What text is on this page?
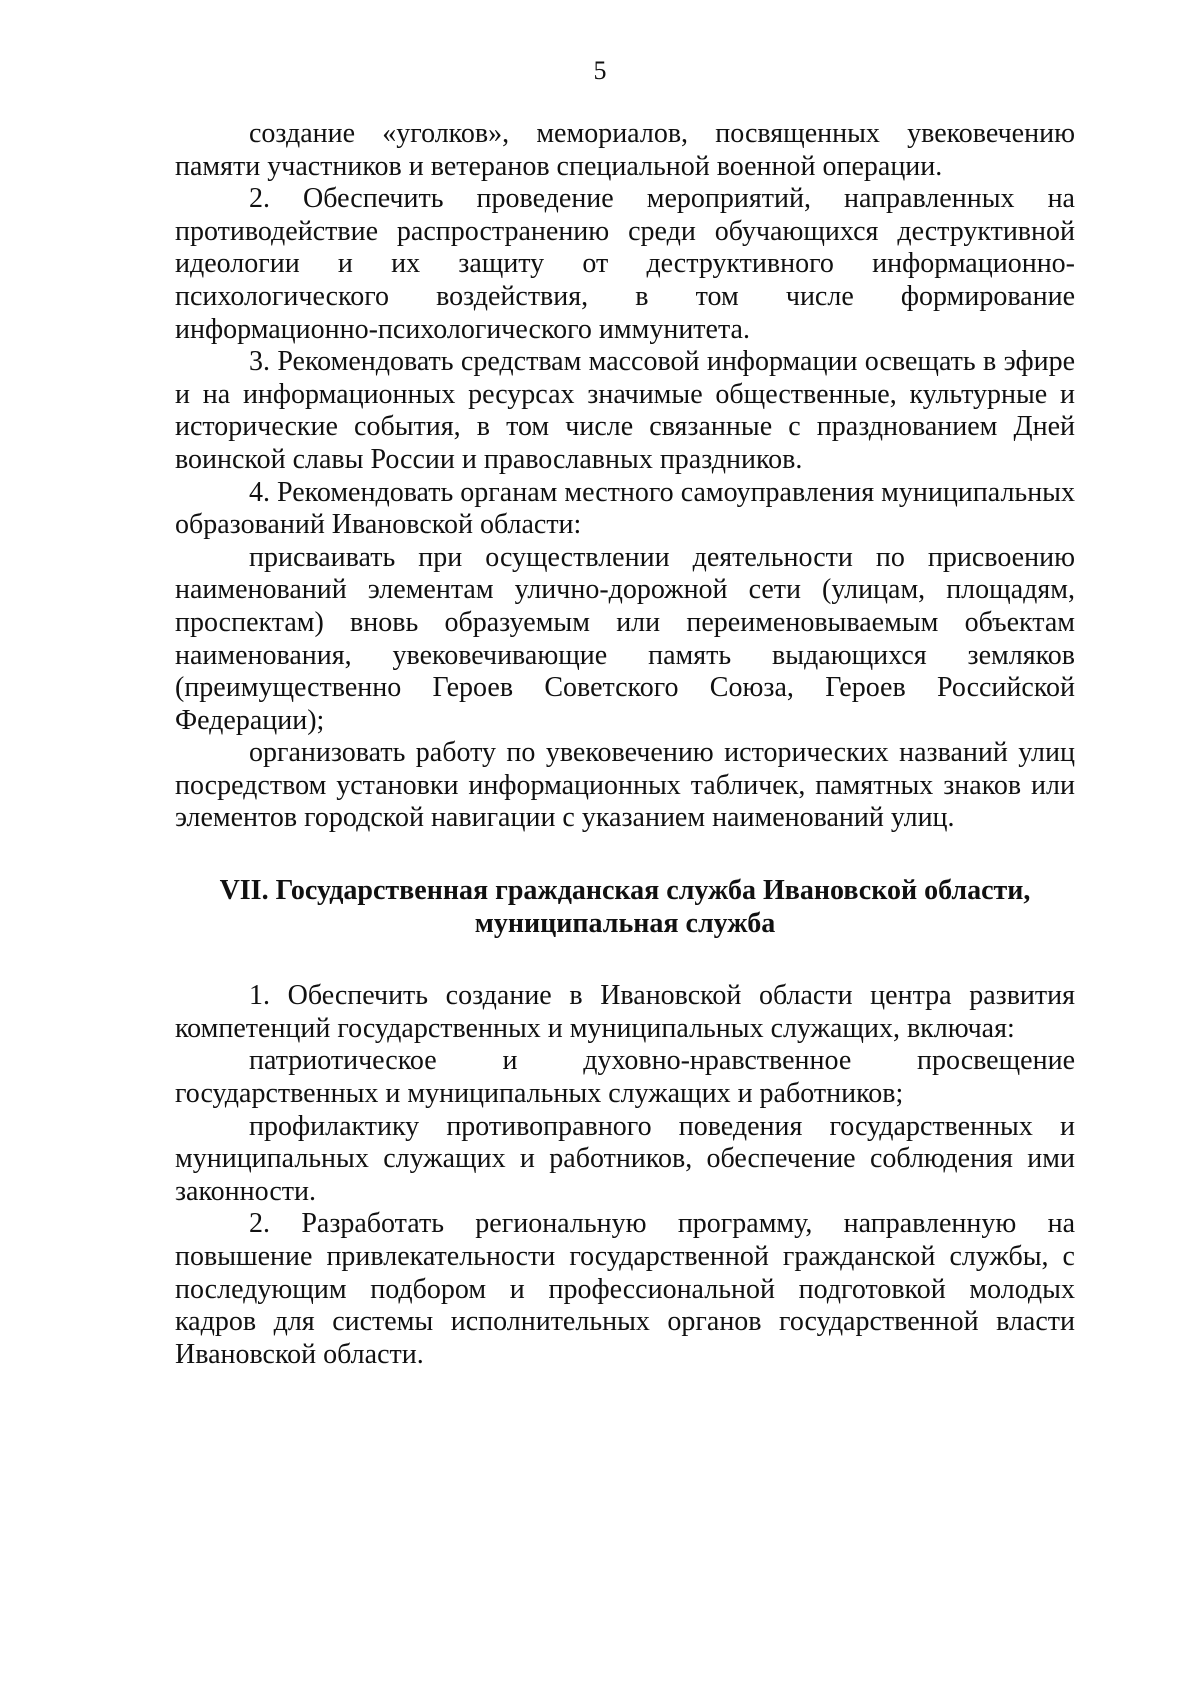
5

создание «уголков», мемориалов, посвященных увековечению памяти участников и ветеранов специальной военной операции.

2. Обеспечить проведение мероприятий, направленных на противодействие распространению среди обучающихся деструктивной идеологии и их защиту от деструктивного информационно-психологического воздействия, в том числе формирование информационно-психологического иммунитета.

3. Рекомендовать средствам массовой информации освещать в эфире и на информационных ресурсах значимые общественные, культурные и исторические события, в том числе связанные с празднованием Дней воинской славы России и православных праздников.

4. Рекомендовать органам местного самоуправления муниципальных образований Ивановской области:

присваивать при осуществлении деятельности по присвоению наименований элементам улично-дорожной сети (улицам, площадям, проспектам) вновь образуемым или переименовываемым объектам наименования, увековечивающие память выдающихся земляков (преимущественно Героев Советского Союза, Героев Российской Федерации);

организовать работу по увековечению исторических названий улиц посредством установки информационных табличек, памятных знаков или элементов городской навигации с указанием наименований улиц.

VII. Государственная гражданская служба Ивановской области,
муниципальная служба

1. Обеспечить создание в Ивановской области центра развития компетенций государственных и муниципальных служащих, включая:

патриотическое и духовно-нравственное просвещение государственных и муниципальных служащих и работников;

профилактику противоправного поведения государственных и муниципальных служащих и работников, обеспечение соблюдения ими законности.

2. Разработать региональную программу, направленную на повышение привлекательности государственной гражданской службы, с последующим подбором и профессиональной подготовкой молодых кадров для системы исполнительных органов государственной власти Ивановской области.
